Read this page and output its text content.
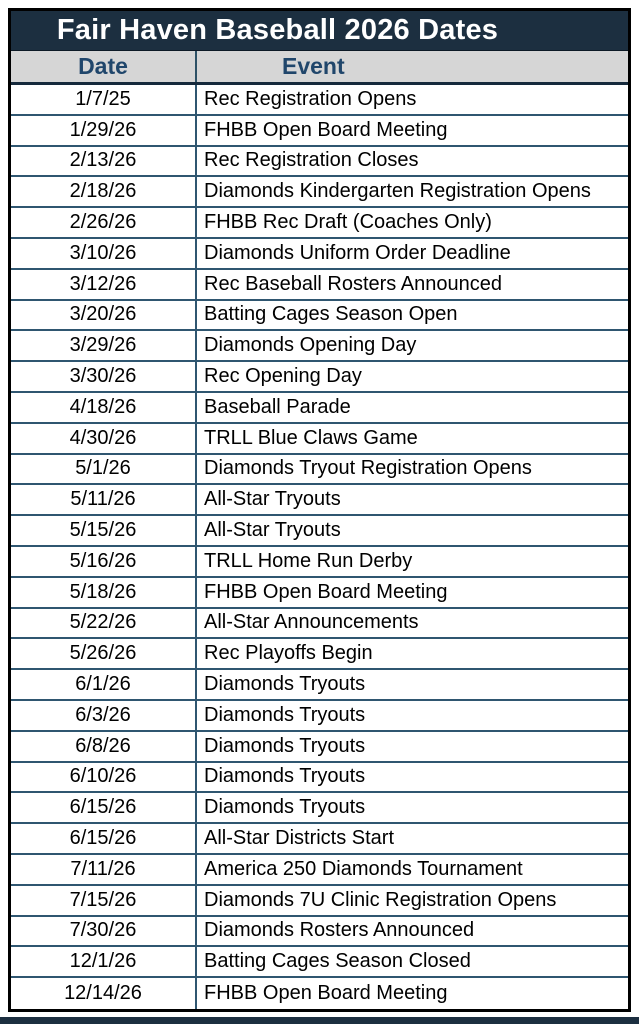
Fair Haven Baseball 2026 Dates
Date	Event
1/7/25	Rec Registration Opens
1/29/26	FHBB Open Board Meeting
2/13/26	Rec Registration Closes
2/18/26	Diamonds Kindergarten Registration Opens
2/26/26	FHBB Rec Draft (Coaches Only)
3/10/26	Diamonds Uniform Order Deadline
3/12/26	Rec Baseball Rosters Announced
3/20/26	Batting Cages Season Open
3/29/26	Diamonds Opening Day
3/30/26	Rec Opening Day
4/18/26	Baseball Parade
4/30/26	TRLL Blue Claws Game
5/1/26	Diamonds Tryout Registration Opens
5/11/26	All-Star Tryouts
5/15/26	All-Star Tryouts
5/16/26	TRLL Home Run Derby
5/18/26	FHBB Open Board Meeting
5/22/26	All-Star Announcements
5/26/26	Rec Playoffs Begin
6/1/26	Diamonds Tryouts
6/3/26	Diamonds Tryouts
6/8/26	Diamonds Tryouts
6/10/26	Diamonds Tryouts
6/15/26	Diamonds Tryouts
6/15/26	All-Star Districts Start
7/11/26	America 250 Diamonds Tournament
7/15/26	Diamonds 7U Clinic Registration Opens
7/30/26	Diamonds Rosters Announced
12/1/26	Batting Cages Season Closed
12/14/26	FHBB Open Board Meeting
